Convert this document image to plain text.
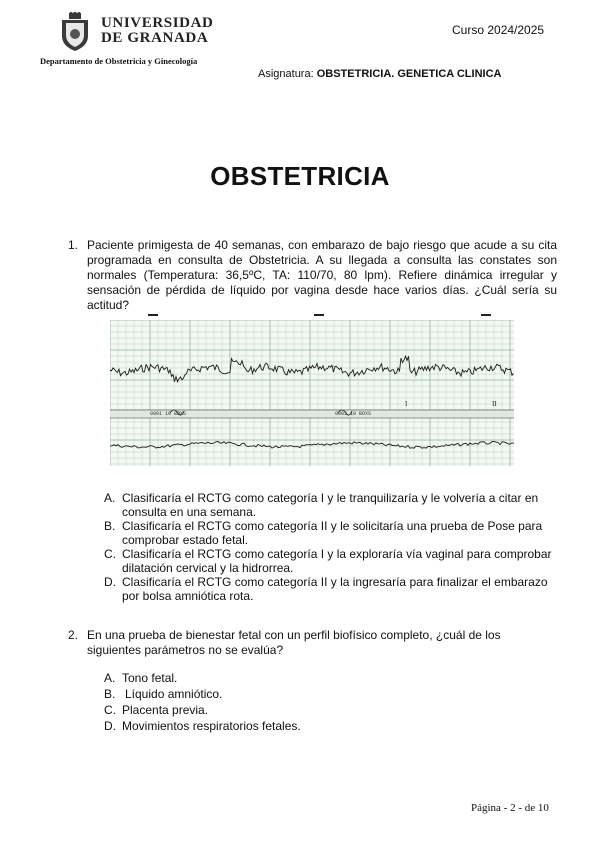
UNIVERSIDAD
DE GRANADA
Departamento de Obstetricia y Ginecología
Curso 2024/2025
Asignatura: OBSTETRICIA. GENETICA CLINICA
OBSTETRICIA
1. Paciente primigesta de 40 semanas, con embarazo de bajo riesgo que acude a su cita programada en consulta de Obstetricia. A su llegada a consulta las constates son normales (Temperatura: 36,5ºC, TA: 110/70, 80 lpm). Refiere dinámica irregular y sensación de pérdida de líquido por vagina desde hace varios días. ¿Cuál sería su actitud?
0001 10 BOXS	0001 10 BOXS
I	II
A. Clasificaría el RCTG como categoría I y le tranquilizaría y le volvería a citar en consulta en una semana.
B. Clasificaría el RCTG como categoría II y le solicitaría una prueba de Pose para comprobar estado fetal.
C. Clasificaría el RCTG como categoría I y la exploraría vía vaginal para comprobar dilatación cervical y la hidrorrea.
D. Clasificaría el RCTG como categoría II y la ingresaría para finalizar el embarazo por bolsa amniótica rota.
2. En una prueba de bienestar fetal con un perfil biofísico completo, ¿cuál de los siguientes parámetros no se evalúa?
A. Tono fetal.
B. Líquido amniótico.
C. Placenta previa.
D. Movimientos respiratorios fetales.
Página - 2 - de 10
